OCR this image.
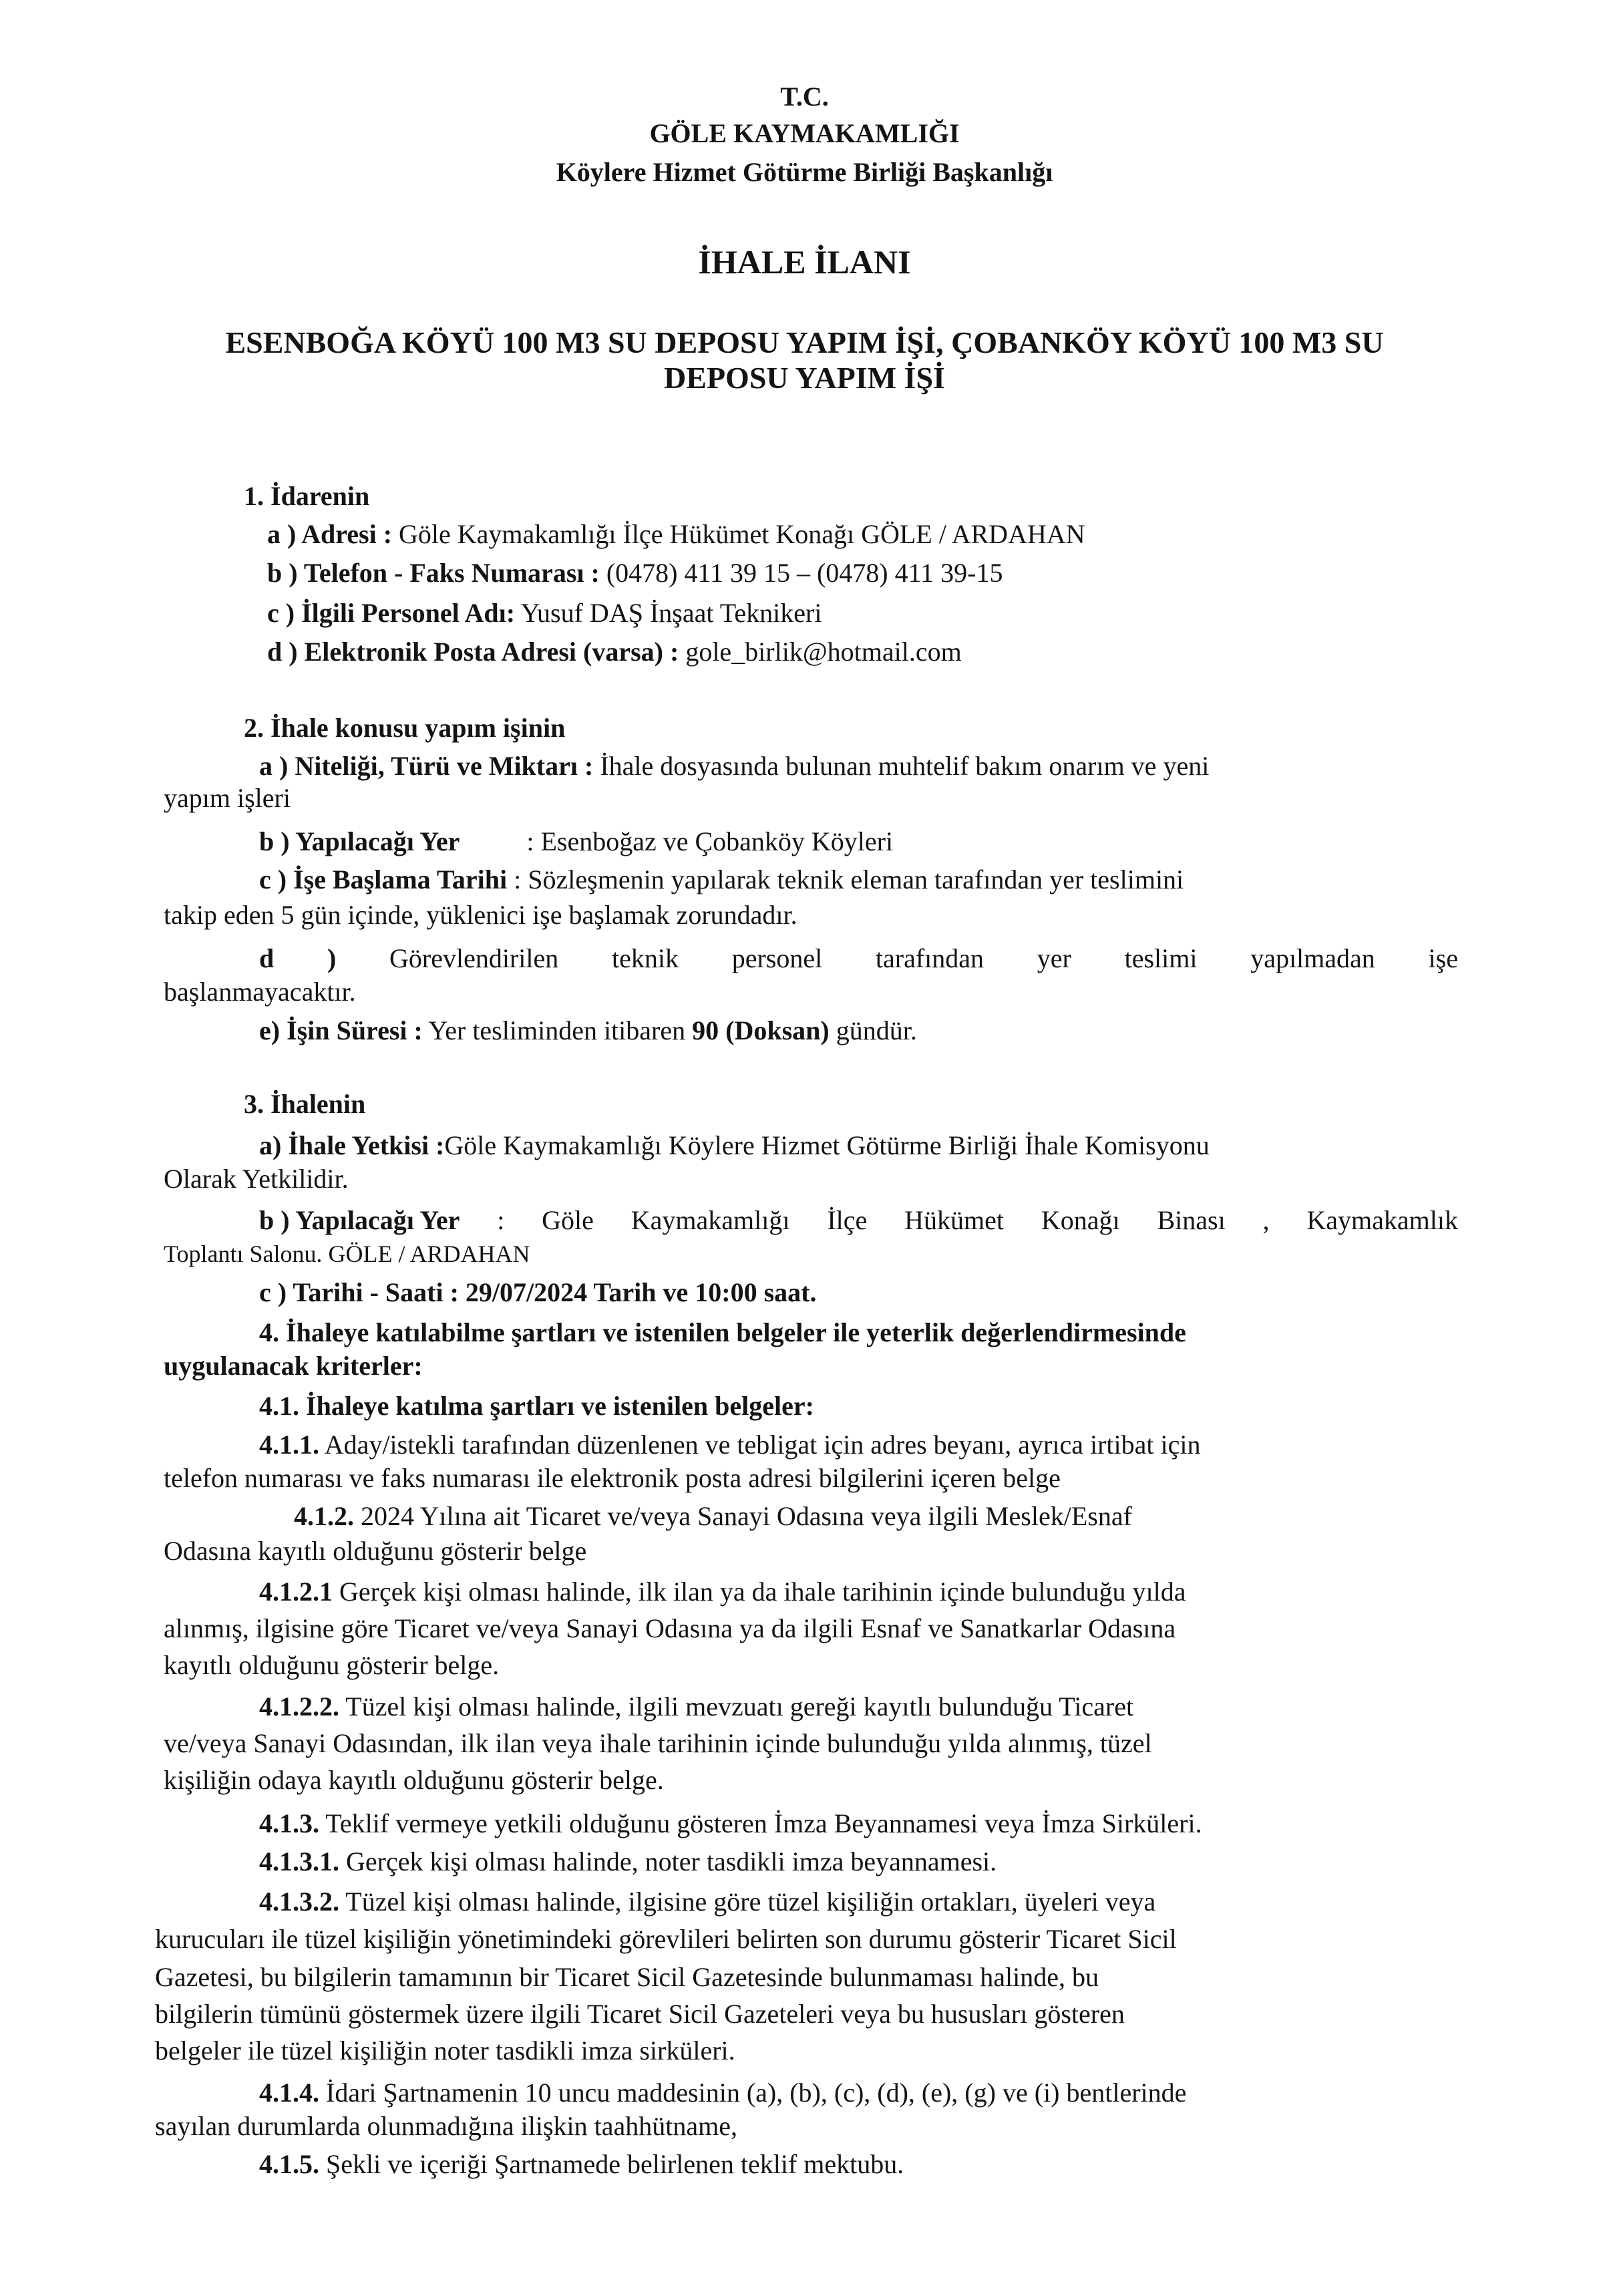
T.C.
GÖLE KAYMAKAMLIĞI
Köylere Hizmet Götürme Birliği Başkanlığı
İHALE İLANI
ESENBOĞA KÖYÜ 100 M3 SU DEPOSU YAPIM İŞİ, ÇOBANKÖY KÖYÜ 100 M3 SU
DEPOSU YAPIM İŞİ
1. İdarenin
a ) Adresi : Göle Kaymakamlığı İlçe Hükümet Konağı GÖLE / ARDAHAN
b ) Telefon - Faks Numarası : (0478) 411 39 15 – (0478) 411 39-15
c ) İlgili Personel Adı: Yusuf DAŞ İnşaat Teknikeri
d ) Elektronik Posta Adresi (varsa) : gole_birlik@hotmail.com
2. İhale konusu yapım işinin
a ) Niteliği, Türü ve Miktarı : İhale dosyasında bulunan muhtelif bakım onarım ve yeni
yapım işleri
b ) Yapılacağı Yer	: Esenboğaz ve Çobanköy Köyleri
c ) İşe Başlama Tarihi : Sözleşmenin yapılarak teknik eleman tarafından yer teslimini
takip eden 5 gün içinde, yüklenici işe başlamak zorundadır.
d ) Görevlendirilen teknik personel tarafından yer teslimi yapılmadan işe
başlanmayacaktır.
e) İşin Süresi : Yer tesliminden itibaren 90 (Doksan) gündür.
3. İhalenin
a) İhale Yetkisi :Göle Kaymakamlığı Köylere Hizmet Götürme Birliği İhale Komisyonu
Olarak Yetkilidir.
b ) Yapılacağı Yer : Göle Kaymakamlığı İlçe Hükümet Konağı Binası , Kaymakamlık
Toplantı Salonu. GÖLE / ARDAHAN
c ) Tarihi - Saati : 29/07/2024 Tarih ve 10:00 saat.
4. İhaleye katılabilme şartları ve istenilen belgeler ile yeterlik değerlendirmesinde
uygulanacak kriterler:
4.1. İhaleye katılma şartları ve istenilen belgeler:
4.1.1. Aday/istekli tarafından düzenlenen ve tebligat için adres beyanı, ayrıca irtibat için
telefon numarası ve faks numarası ile elektronik posta adresi bilgilerini içeren belge
4.1.2. 2024 Yılına ait Ticaret ve/veya Sanayi Odasına veya ilgili Meslek/Esnaf
Odasına kayıtlı olduğunu gösterir belge
4.1.2.1 Gerçek kişi olması halinde, ilk ilan ya da ihale tarihinin içinde bulunduğu yılda
alınmış, ilgisine göre Ticaret ve/veya Sanayi Odasına ya da ilgili Esnaf ve Sanatkarlar Odasına
kayıtlı olduğunu gösterir belge.
4.1.2.2. Tüzel kişi olması halinde, ilgili mevzuatı gereği kayıtlı bulunduğu Ticaret
ve/veya Sanayi Odasından, ilk ilan veya ihale tarihinin içinde bulunduğu yılda alınmış, tüzel
kişiliğin odaya kayıtlı olduğunu gösterir belge.
4.1.3. Teklif vermeye yetkili olduğunu gösteren İmza Beyannamesi veya İmza Sirküleri.
4.1.3.1. Gerçek kişi olması halinde, noter tasdikli imza beyannamesi.
4.1.3.2. Tüzel kişi olması halinde, ilgisine göre tüzel kişiliğin ortakları, üyeleri veya
kurucuları ile tüzel kişiliğin yönetimindeki görevlileri belirten son durumu gösterir Ticaret Sicil
Gazetesi, bu bilgilerin tamamının bir Ticaret Sicil Gazetesinde bulunmaması halinde, bu
bilgilerin tümünü göstermek üzere ilgili Ticaret Sicil Gazeteleri veya bu hususları gösteren
belgeler ile tüzel kişiliğin noter tasdikli imza sirküleri.
4.1.4. İdari Şartnamenin 10 uncu maddesinin (a), (b), (c), (d), (e), (g) ve (i) bentlerinde
sayılan durumlarda olunmadığına ilişkin taahhütname,
4.1.5. Şekli ve içeriği Şartnamede belirlenen teklif mektubu.
